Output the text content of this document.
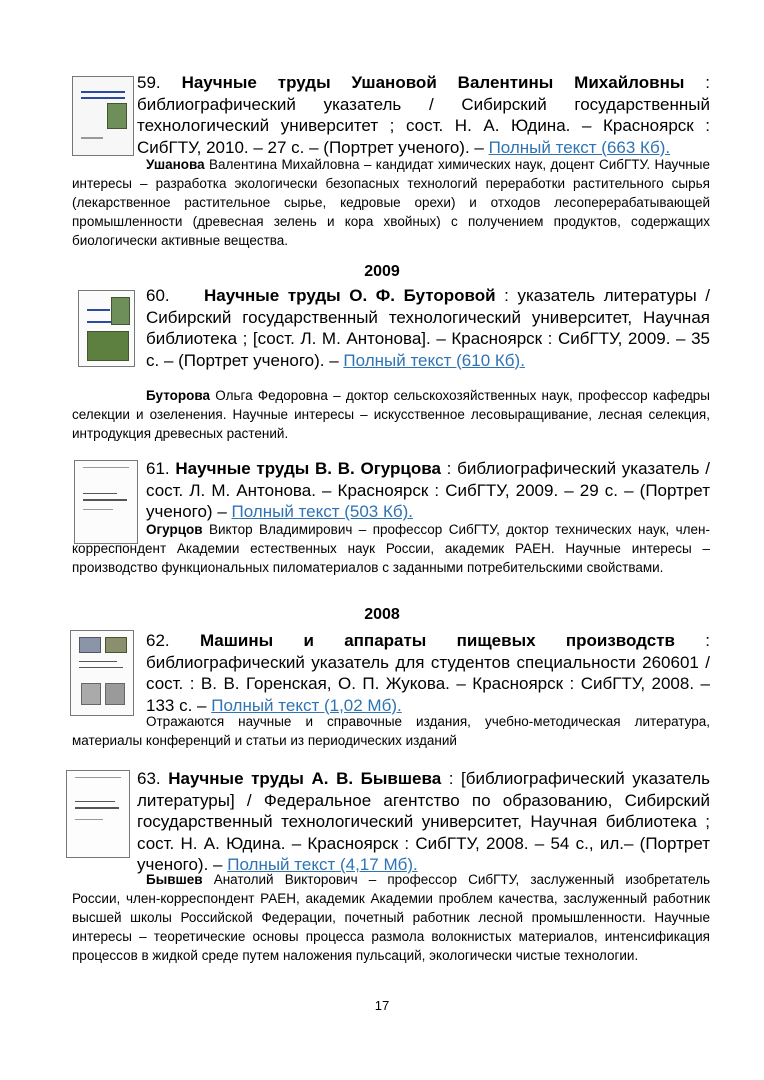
59. Научные труды Ушановой Валентины Михайловны : библиографический указатель / Сибирский государственный технологический университет ; сост. Н. А. Юдина. – Красноярск : СибГТУ, 2010. – 27 с. – (Портрет ученого). – Полный текст (663 Кб).
Ушанова Валентина Михайловна – кандидат химических наук, доцент СибГТУ. Научные интересы – разработка экологически безопасных технологий переработки растительного сырья (лекарственное растительное сырье, кедровые орехи) и отходов лесоперерабатывающей промышленности (древесная зелень и кора хвойных) с получением продуктов, содержащих биологически активные вещества.
2009
60. Научные труды О. Ф. Буторовой : указатель литературы / Сибирский государственный технологический университет, Научная библиотека ; [сост. Л. М. Антонова]. – Красноярск : СибГТУ, 2009. – 35 с. – (Портрет ученого). – Полный текст (610 Кб).
Буторова Ольга Федоровна – доктор сельскохозяйственных наук, профессор кафедры селекции и озеленения. Научные интересы – искусственное лесовыращивание, лесная селекция, интродукция древесных растений.
61. Научные труды В. В. Огурцова : библиографический указатель / сост. Л. М. Антонова. – Красноярск : СибГТУ, 2009. – 29 с. – (Портрет ученого) – Полный текст (503 Кб).
Огурцов Виктор Владимирович – профессор СибГТУ, доктор технических наук, член-корреспондент Академии естественных наук России, академик РАЕН. Научные интересы – производство функциональных пиломатериалов с заданными потребительскими свойствами.
2008
62. Машины и аппараты пищевых производств : библиографический указатель для студентов специальности 260601 / сост. : В. В. Горенская, О. П. Жукова. – Красноярск : СибГТУ, 2008. – 133 с. – Полный текст (1,02 Мб).
Отражаются научные и справочные издания, учебно-методическая литература, материалы конференций и статьи из периодических изданий
63. Научные труды А. В. Бывшева : [библиографический указатель литературы] / Федеральное агентство по образованию, Сибирский государственный технологический университет, Научная библиотека ; сост. Н. А. Юдина. – Красноярск : СибГТУ, 2008. – 54 с., ил.– (Портрет ученого). – Полный текст (4,17 Мб).
Бывшев Анатолий Викторович – профессор СибГТУ, заслуженный изобретатель России, член-корреспондент РАЕН, академик Академии проблем качества, заслуженный работник высшей школы Российской Федерации, почетный работник лесной промышленности. Научные интересы – теоретические основы процесса размола волокнистых материалов, интенсификация процессов в жидкой среде путем наложения пульсаций, экологически чистые технологии.
17
